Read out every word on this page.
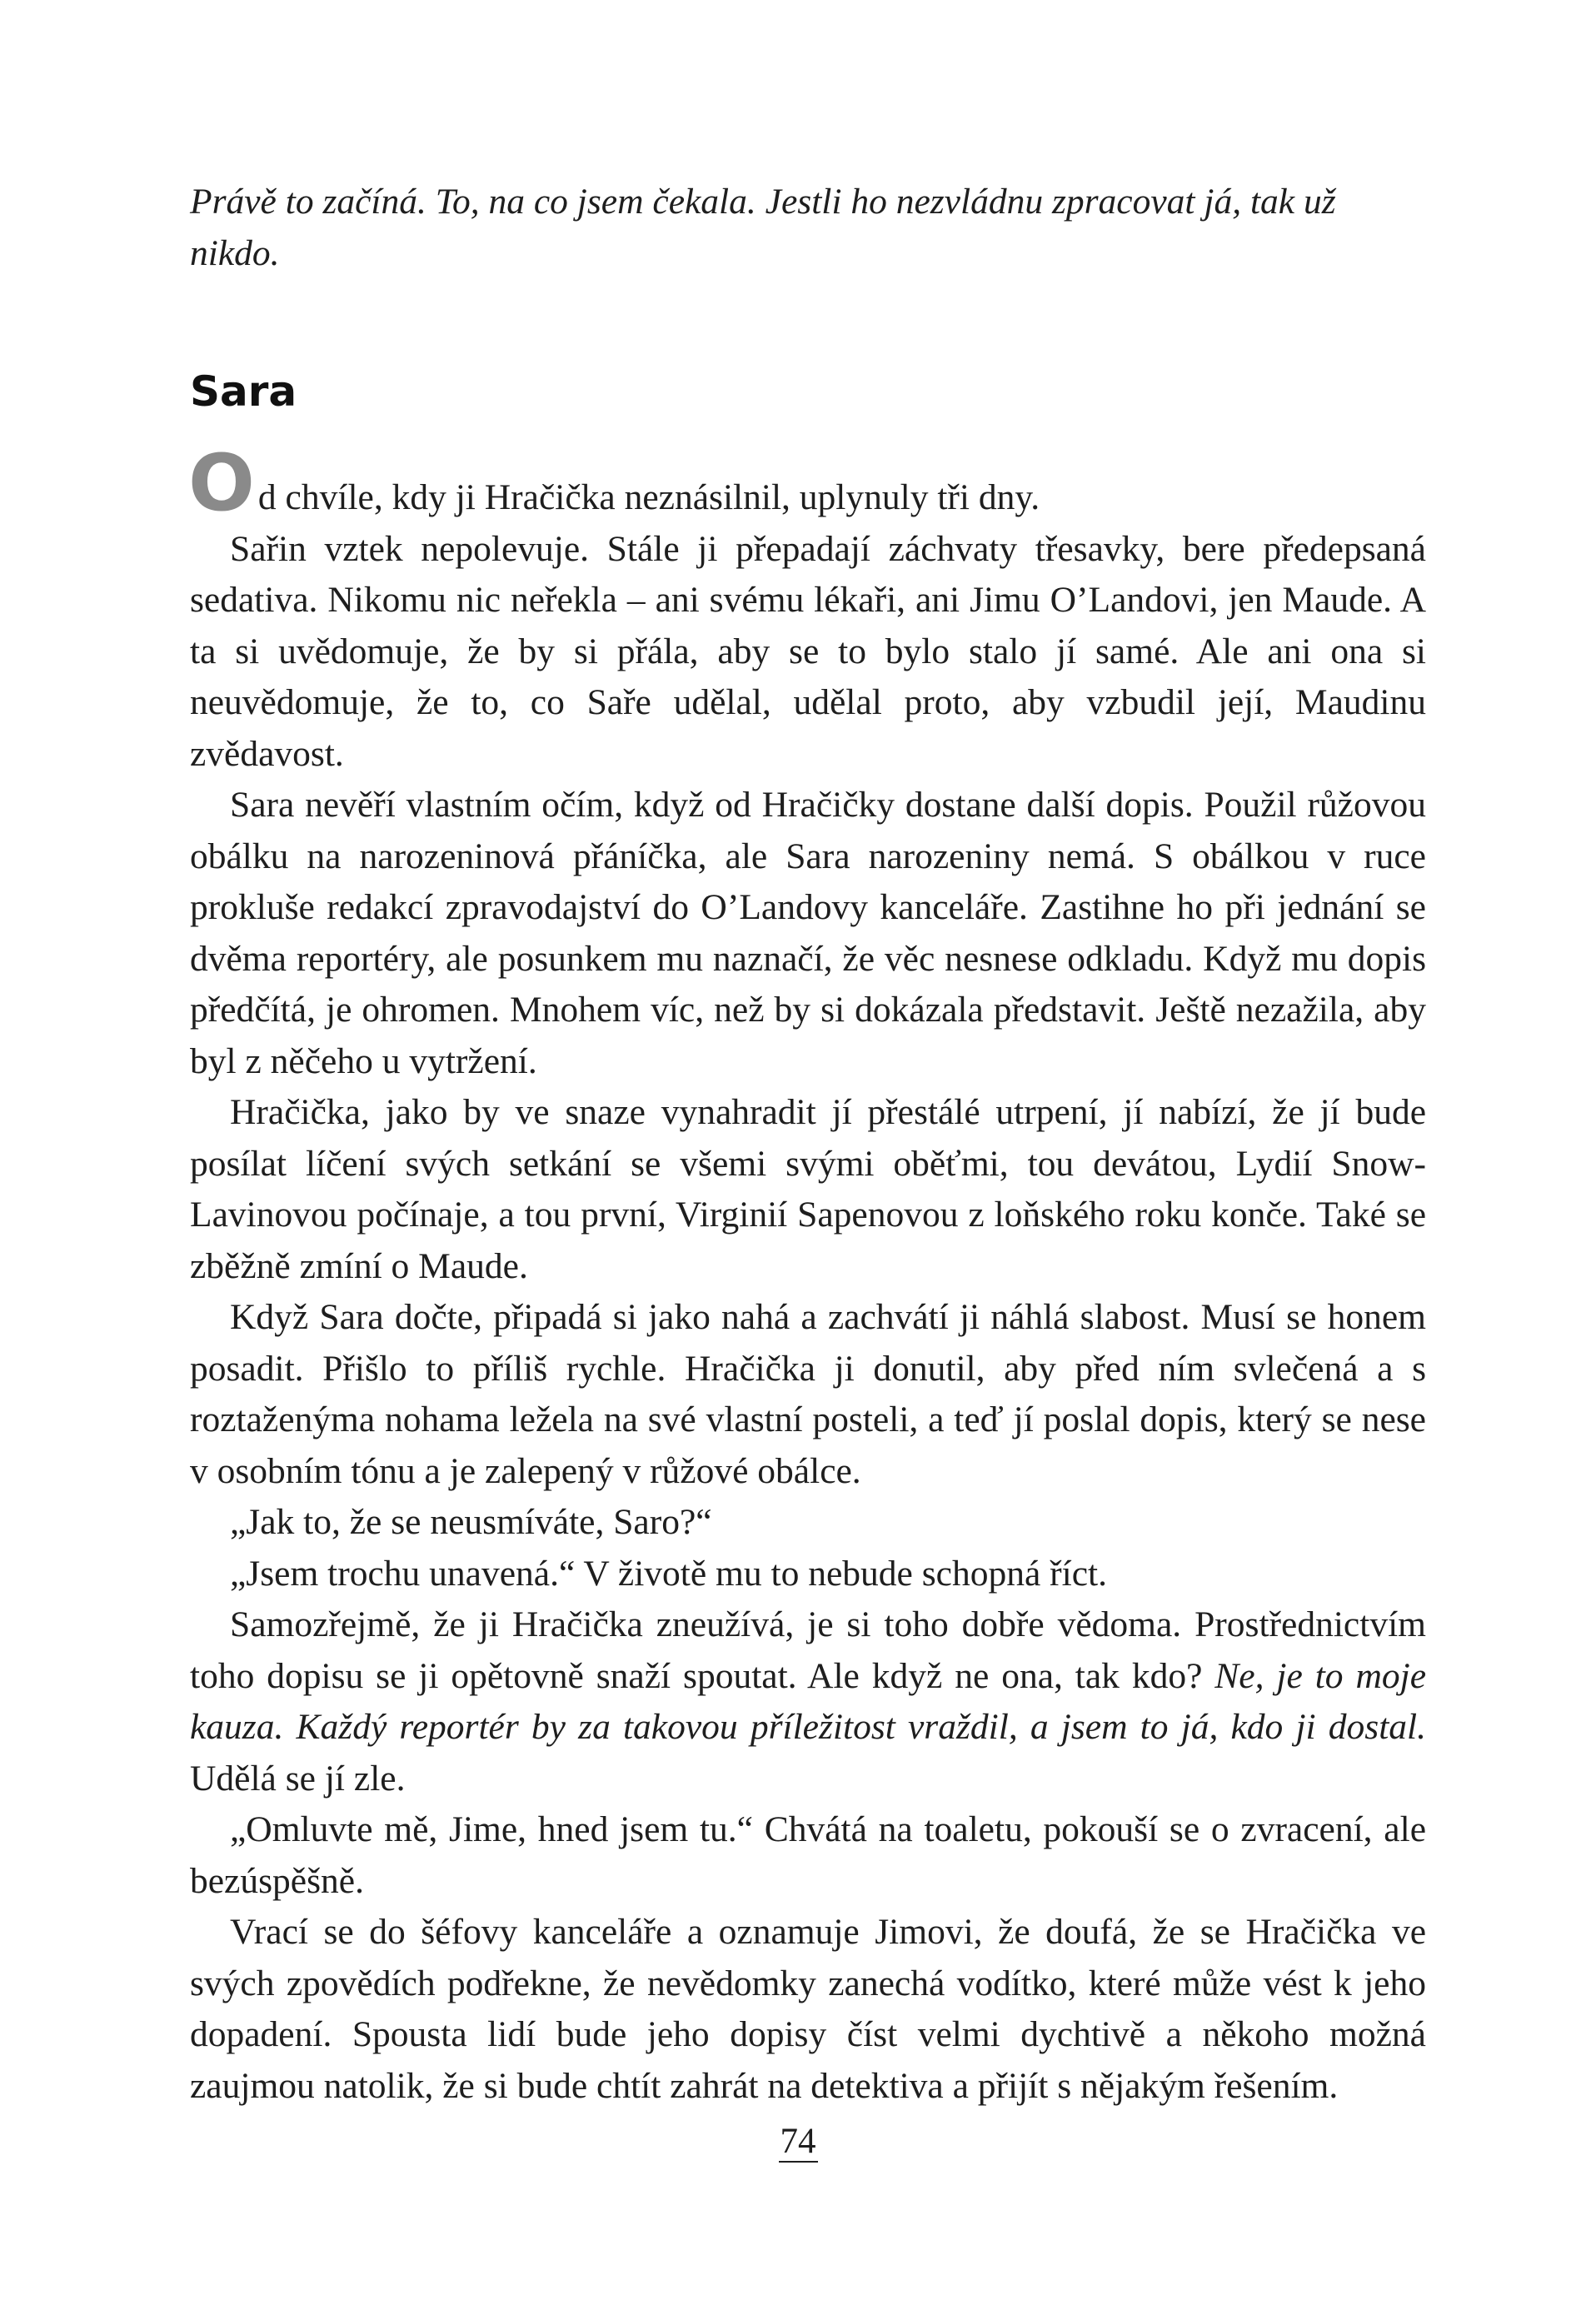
Právě to začíná. To, na co jsem čekala. Jestli ho nezvládnu zpracovat já, tak už nikdo.

Sara

O d chvíle, kdy ji Hračička neznásilnil, uplynuly tři dny.

Sařin vztek nepolevuje. Stále ji přepadají záchvaty třesavky, bere předepsaná sedativa. Nikomu nic neřekla – ani svému lékaři, ani Jimu O’Landovi, jen Maude. A ta si uvědomuje, že by si přála, aby se to bylo stalo jí samé. Ale ani ona si neuvědomuje, že to, co Saře udělal, udělal proto, aby vzbudil její, Maudinu zvědavost.

Sara nevěří vlastním očím, když od Hračičky dostane další dopis. Použil růžovou obálku na narozeninová přáníčka, ale Sara narozeniny nemá. S obálkou v ruce prokluše redakcí zpravodajství do O’Landovy kanceláře. Zastihne ho při jednání se dvěma reportéry, ale posunkem mu naznačí, že věc nesnese odkladu. Když mu dopis předčítá, je ohromen. Mnohem víc, než by si dokázala představit. Ještě nezažila, aby byl z něčeho u vytržení.

Hračička, jako by ve snaze vynahradit jí přestálé utrpení, jí nabízí, že jí bude posílat líčení svých setkání se všemi svými oběťmi, tou devátou, Lydií Snow-Lavinovou počínaje, a tou první, Virginií Sapenovou z loňského roku konče. Také se zběžně zmíní o Maude.

Když Sara dočte, připadá si jako nahá a zachvátí ji náhlá slabost. Musí se honem posadit. Přišlo to příliš rychle. Hračička ji donutil, aby před ním svlečená a s roztaženýma nohama ležela na své vlastní posteli, a teď jí poslal dopis, který se nese v osobním tónu a je zalepený v růžové obálce.

„Jak to, že se neusmíváte, Saro?“

„Jsem trochu unavená.“ V životě mu to nebude schopná říct.

Samozřejmě, že ji Hračička zneužívá, je si toho dobře vědoma. Prostřednictvím toho dopisu se ji opětovně snaží spoutat. Ale když ne ona, tak kdo? Ne, je to moje kauza. Každý reportér by za takovou příležitost vraždil, a jsem to já, kdo ji dostal. Udělá se jí zle.

„Omluvte mě, Jime, hned jsem tu.“ Chvátá na toaletu, pokouší se o zvracení, ale bezúspěšně.

Vrací se do šéfovy kanceláře a oznamuje Jimovi, že doufá, že se Hračička ve svých zpovědích podřekne, že nevědomky zanechá vodítko, které může vést k jeho dopadení. Spousta lidí bude jeho dopisy číst velmi dychtivě a někoho možná zaujmou natolik, že si bude chtít zahrát na detektiva a přijít s nějakým řešením.

74
